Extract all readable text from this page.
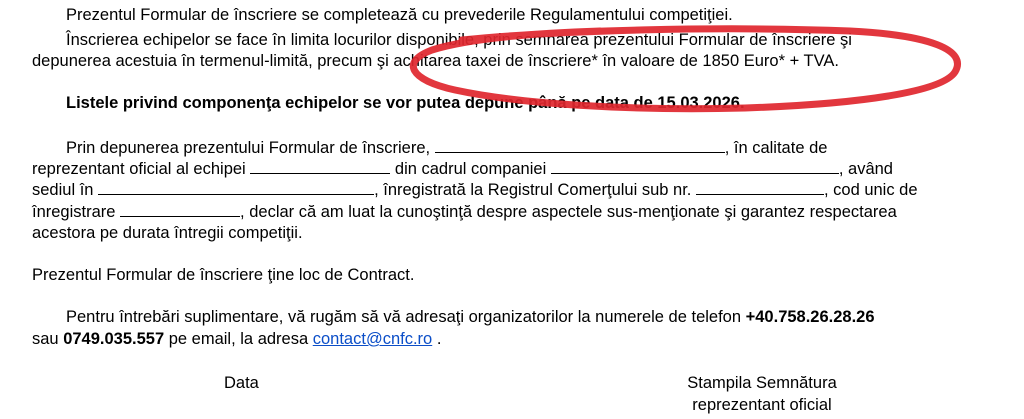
Prezentul Formular de înscriere se completează cu prevederile Regulamentului competiţiei.
Înscrierea echipelor se face în limita locurilor disponibile, prin semnarea prezentului Formular de înscriere şi
depunerea acestuia în termenul-limită, precum şi achitarea taxei de înscriere* în valoare de 1850 Euro* + TVA.
Listele privind componenţa echipelor se vor putea depune până pe data de 15.03.2026.
Prin depunerea prezentului Formular de înscriere,	, în calitate de
reprezentant oficial al echipei	din cadrul companiei	, având
sediul în	, înregistrată la Registrul Comerţului sub nr.	, cod unic de
înregistrare	, declar că am luat la cunoştinţă despre aspectele sus-menţionate şi garantez respectarea
acestora pe durata întregii competiţii.
Prezentul Formular de înscriere ţine loc de Contract.
Pentru întrebări suplimentare, vă rugăm să vă adresaţi organizatorilor la numerele de telefon +40.758.26.28.26
sau 0749.035.557 pe email, la adresa contact@cnfc.ro .
Data	Stampila Semnătura
reprezentant oficial
